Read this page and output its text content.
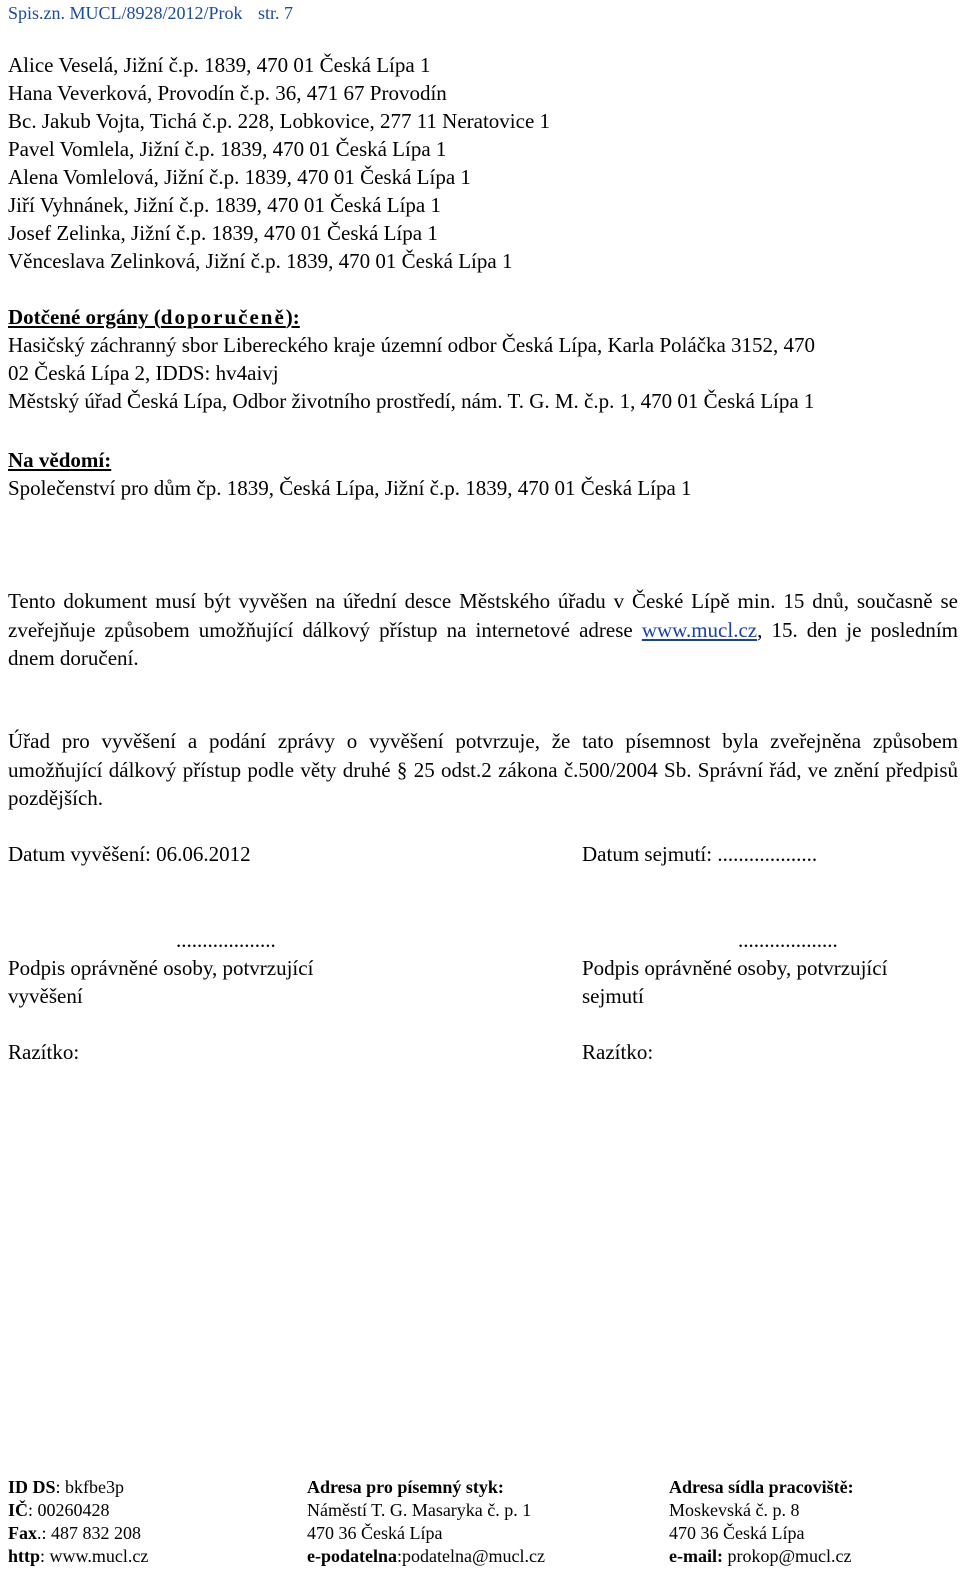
Spis.zn. MUCL/8928/2012/Prok str. 7
Alice Veselá, Jižní č.p. 1839, 470 01 Česká Lípa 1
Hana Veverková, Provodín č.p. 36, 471 67 Provodín
Bc. Jakub Vojta, Tichá č.p. 228, Lobkovice, 277 11 Neratovice 1
Pavel Vomlela, Jižní č.p. 1839, 470 01 Česká Lípa 1
Alena Vomlelová, Jižní č.p. 1839, 470 01 Česká Lípa 1
Jiří Vyhnánek, Jižní č.p. 1839, 470 01 Česká Lípa 1
Josef Zelinka, Jižní č.p. 1839, 470 01 Česká Lípa 1
Věnceslava Zelinková, Jižní č.p. 1839, 470 01 Česká Lípa 1
Dotčené orgány (doporučeně):
Hasičský záchranný sbor Libereckého kraje územní odbor Česká Lípa, Karla Poláčka 3152, 470
02 Česká Lípa 2, IDDS: hv4aivj
Městský úřad Česká Lípa, Odbor životního prostředí, nám. T. G. M. č.p. 1, 470 01 Česká Lípa 1
Na vědomí:
Společenství pro dům čp. 1839, Česká Lípa, Jižní č.p. 1839, 470 01 Česká Lípa 1
Tento dokument musí být vyvěšen na úřední desce Městského úřadu v České Lípě min. 15 dnů, současně se zveřejňuje způsobem umožňující dálkový přístup na internetové adrese www.mucl.cz, 15. den je posledním dnem doručení.
Úřad pro vyvěšení a podání zprávy o vyvěšení potvrzuje, že tato písemnost byla zveřejněna způsobem umožňující dálkový přístup podle věty druhé § 25 odst.2 zákona č.500/2004 Sb. Správní řád, ve znění předpisů pozdějších.
Datum vyvěšení: 06.06.2012	Datum sejmutí: ...................
...................
Podpis oprávněné osoby, potvrzující
vyvěšení
Razítko:
...................
Podpis oprávněné osoby, potvrzující
sejmutí
Razítko:
ID DS: bkfbe3p
IČ: 00260428
Fax.: 487 832 208
http: www.mucl.cz
Adresa pro písemný styk:
Náměstí T. G. Masaryka č. p. 1
470 36 Česká Lípa
e-podatelna:podatelna@mucl.cz
Adresa sídla pracoviště:
Moskevská č. p. 8
470 36 Česká Lípa
e-mail: prokop@mucl.cz
